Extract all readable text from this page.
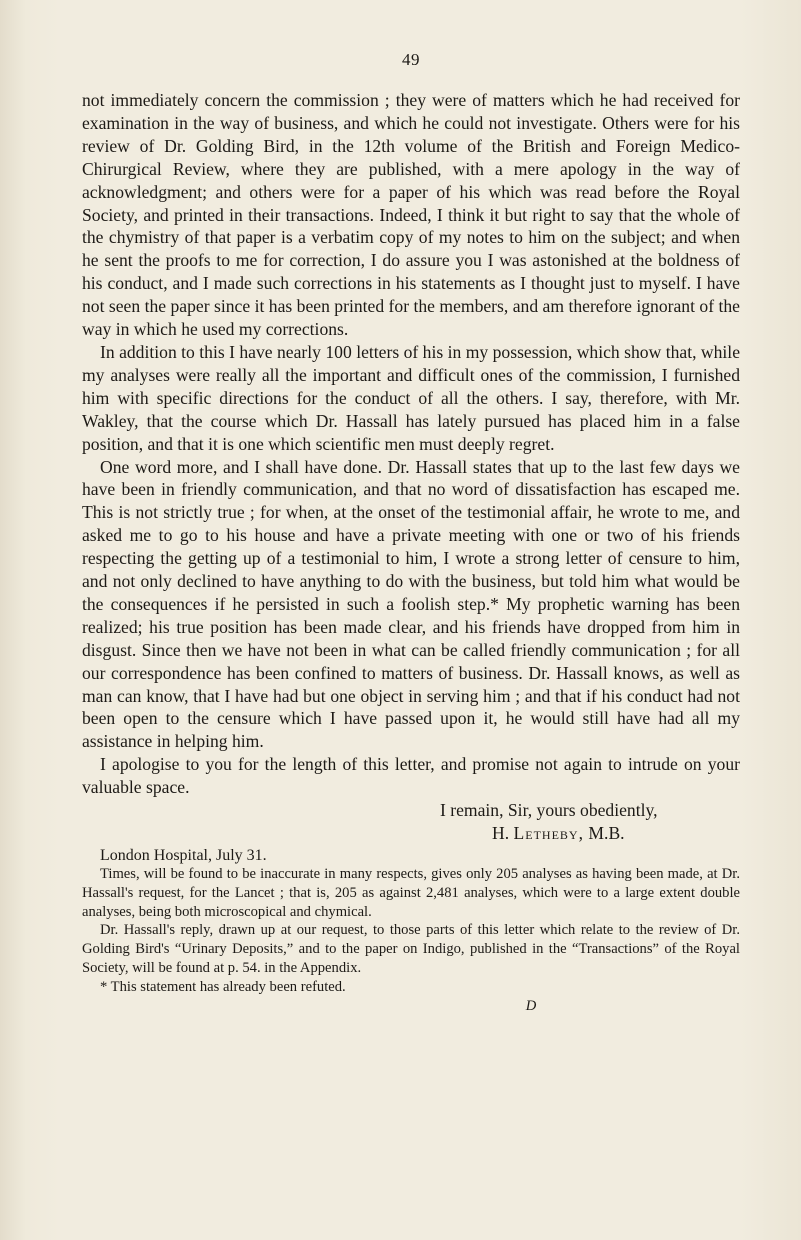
49

not immediately concern the commission ; they were of matters which he had received for examination in the way of business, and which he could not investigate. Others were for his review of Dr. Golding Bird, in the 12th volume of the British and Foreign Medico-Chirurgical Review, where they are published, with a mere apology in the way of acknowledgment; and others were for a paper of his which was read before the Royal Society, and printed in their transactions. Indeed, I think it but right to say that the whole of the chymistry of that paper is a verbatim copy of my notes to him on the subject; and when he sent the proofs to me for correction, I do assure you I was astonished at the boldness of his conduct, and I made such corrections in his statements as I thought just to myself. I have not seen the paper since it has been printed for the members, and am therefore ignorant of the way in which he used my corrections.

In addition to this I have nearly 100 letters of his in my possession, which show that, while my analyses were really all the important and difficult ones of the commission, I furnished him with specific directions for the conduct of all the others. I say, therefore, with Mr. Wakley, that the course which Dr. Hassall has lately pursued has placed him in a false position, and that it is one which scientific men must deeply regret.

One word more, and I shall have done. Dr. Hassall states that up to the last few days we have been in friendly communication, and that no word of dissatisfaction has escaped me. This is not strictly true ; for when, at the onset of the testimonial affair, he wrote to me, and asked me to go to his house and have a private meeting with one or two of his friends respecting the getting up of a testimonial to him, I wrote a strong letter of censure to him, and not only declined to have anything to do with the business, but told him what would be the consequences if he persisted in such a foolish step.* My prophetic warning has been realized; his true position has been made clear, and his friends have dropped from him in disgust. Since then we have not been in what can be called friendly communication ; for all our correspondence has been confined to matters of business. Dr. Hassall knows, as well as man can know, that I have had but one object in serving him ; and that if his conduct had not been open to the censure which I have passed upon it, he would still have had all my assistance in helping him.

I apologise to you for the length of this letter, and promise not again to intrude on your valuable space.

I remain, Sir, yours obediently,

H. Letheby, M.B.

London Hospital, July 31.

Times, will be found to be inaccurate in many respects, gives only 205 analyses as having been made, at Dr. Hassall's request, for the Lancet ; that is, 205 as against 2,481 analyses, which were to a large extent double analyses, being both microscopical and chymical.

Dr. Hassall's reply, drawn up at our request, to those parts of this letter which relate to the review of Dr. Golding Bird's “Urinary Deposits,” and to the paper on Indigo, published in the “Transactions” of the Royal Society, will be found at p. 54. in the Appendix.

* This statement has already been refuted.

D
